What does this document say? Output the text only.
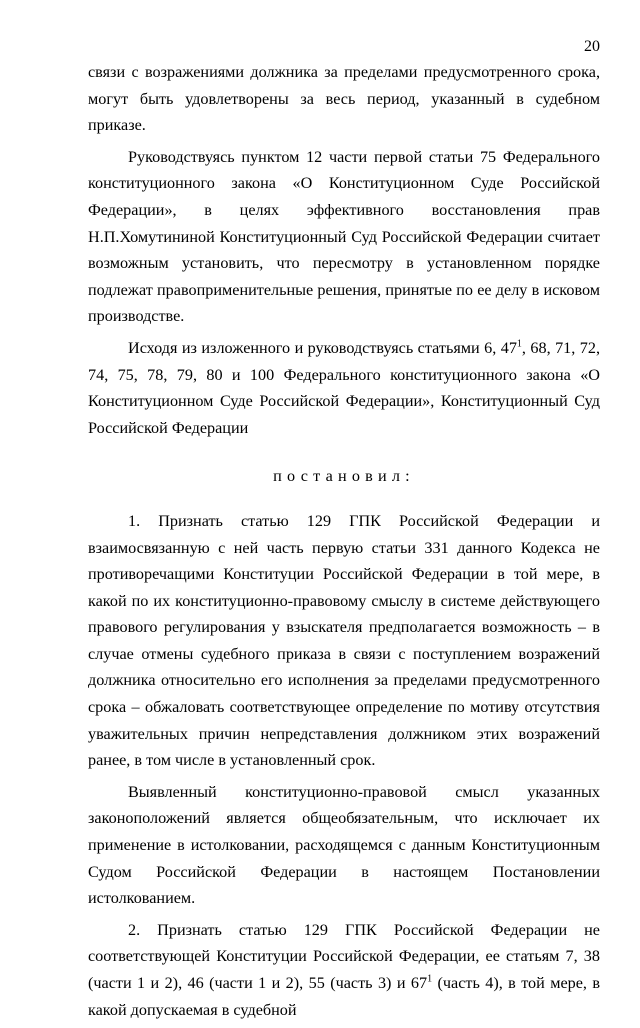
20

связи с возражениями должника за пределами предусмотренного срока, могут быть удовлетворены за весь период, указанный в судебном приказе.

Руководствуясь пунктом 12 части первой статьи 75 Федерального конституционного закона «О Конституционном Суде Российской Федерации», в целях эффективного восстановления прав Н.П.Хомутининой Конституционный Суд Российской Федерации считает возможным установить, что пересмотру в установленном порядке подлежат правоприменительные решения, принятые по ее делу в исковом производстве.

Исходя из изложенного и руководствуясь статьями 6, $47^1$, 68, 71, 72, 74, 75, 78, 79, 80 и 100 Федерального конституционного закона «О Конституционном Суде Российской Федерации», Конституционный Суд Российской Федерации

постановил:

1. Признать статью 129 ГПК Российской Федерации и взаимосвязанную с ней часть первую статьи 331 данного Кодекса не противоречащими Конституции Российской Федерации в той мере, в какой по их конституционно-правовому смыслу в системе действующего правового регулирования у взыскателя предполагается возможность – в случае отмены судебного приказа в связи с поступлением возражений должника относительно его исполнения за пределами предусмотренного срока – обжаловать соответствующее определение по мотиву отсутствия уважительных причин непредставления должником этих возражений ранее, в том числе в установленный срок.

Выявленный конституционно-правовой смысл указанных законоположений является общеобязательным, что исключает их применение в истолковании, расходящемся с данным Конституционным Судом Российской Федерации в настоящем Постановлении истолкованием.

2. Признать статью 129 ГПК Российской Федерации не соответствующей Конституции Российской Федерации, ее статьям 7, 38 (части 1 и 2), 46 (части 1 и 2), 55 (часть 3) и $67^1$ (часть 4), в той мере, в какой допускаемая в судебной
